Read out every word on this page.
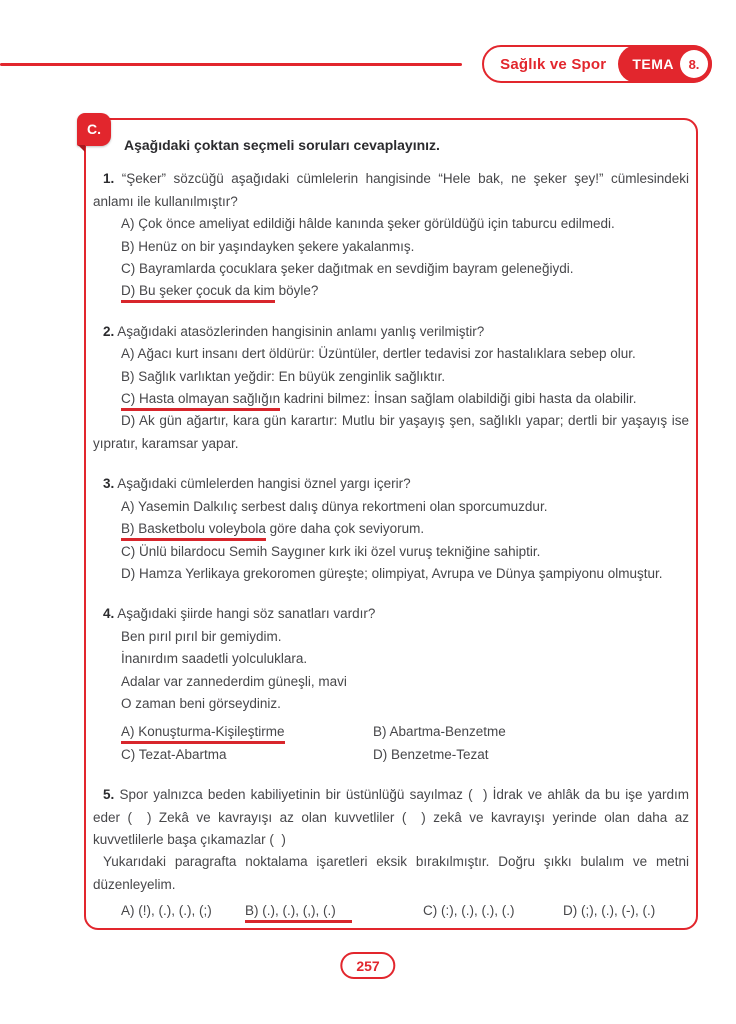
Sağlık ve Spor	TEMA	8.
C.

Aşağıdaki çoktan seçmeli soruları cevaplayınız.

1. “Şeker” sözcüğü aşağıdaki cümlelerin hangisinde “Hele bak, ne şeker şey!” cümlesindeki anlamı ile kullanılmıştır?

A) Çok önce ameliyat edildiği hâlde kanında şeker görüldüğü için taburcu edilmedi.

B) Henüz on bir yaşındayken şekere yakalanmış.

C) Bayramlarda çocuklara şeker dağıtmak en sevdiğim bayram geleneğiydi.

D) Bu şeker çocuk da kim böyle?

2. Aşağıdaki atasözlerinden hangisinin anlamı yanlış verilmiştir?

A) Ağacı kurt insanı dert öldürür: Üzüntüler, dertler tedavisi zor hastalıklara sebep olur.

B) Sağlık varlıktan yeğdir: En büyük zenginlik sağlıktır.

C) Hasta olmayan sağlığın kadrini bilmez: İnsan sağlam olabildiği gibi hasta da olabilir.

D) Ak gün ağartır, kara gün karartır: Mutlu bir yaşayış şen, sağlıklı yapar; dertli bir yaşayış ise yıpratır, karamsar yapar.

3. Aşağıdaki cümlelerden hangisi öznel yargı içerir?

A) Yasemin Dalkılıç serbest dalış dünya rekortmeni olan sporcumuzdur.

B) Basketbolu voleybola göre daha çok seviyorum.

C) Ünlü bilardocu Semih Saygıner kırk iki özel vuruş tekniğine sahiptir.

D) Hamza Yerlikaya grekoromen güreşte; olimpiyat, Avrupa ve Dünya şampiyonu olmuştur.

4. Aşağıdaki şiirde hangi söz sanatları vardır?

Ben pırıl pırıl bir gemiydim.

İnanırdım saadetli yolculuklara.

Adalar var zannederdim güneşli, mavi

O zaman beni görseydiniz.

A) Konuşturma-Kişileştirme	B) Abartma-Benzetme

C) Tezat-Abartma	D) Benzetme-Tezat

5. Spor yalnızca beden kabiliyetinin bir üstünlüğü sayılmaz (  ) İdrak ve ahlâk da bu işe yardım eder (  ) Zekâ ve kavrayışı az olan kuvvetliler (  ) zekâ ve kavrayışı yerinde olan daha az kuvvetlilerle başa çıkamazlar (  )

Yukarıdaki paragrafta noktalama işaretleri eksik bırakılmıştır. Doğru şıkkı bulalım ve metni düzenleyelim.

A) (!), (.), (.), (;)	B) (.), (.), (,), (.)	C) (:), (.), (.), (.)	D) (;), (.), (-), (.)
257
